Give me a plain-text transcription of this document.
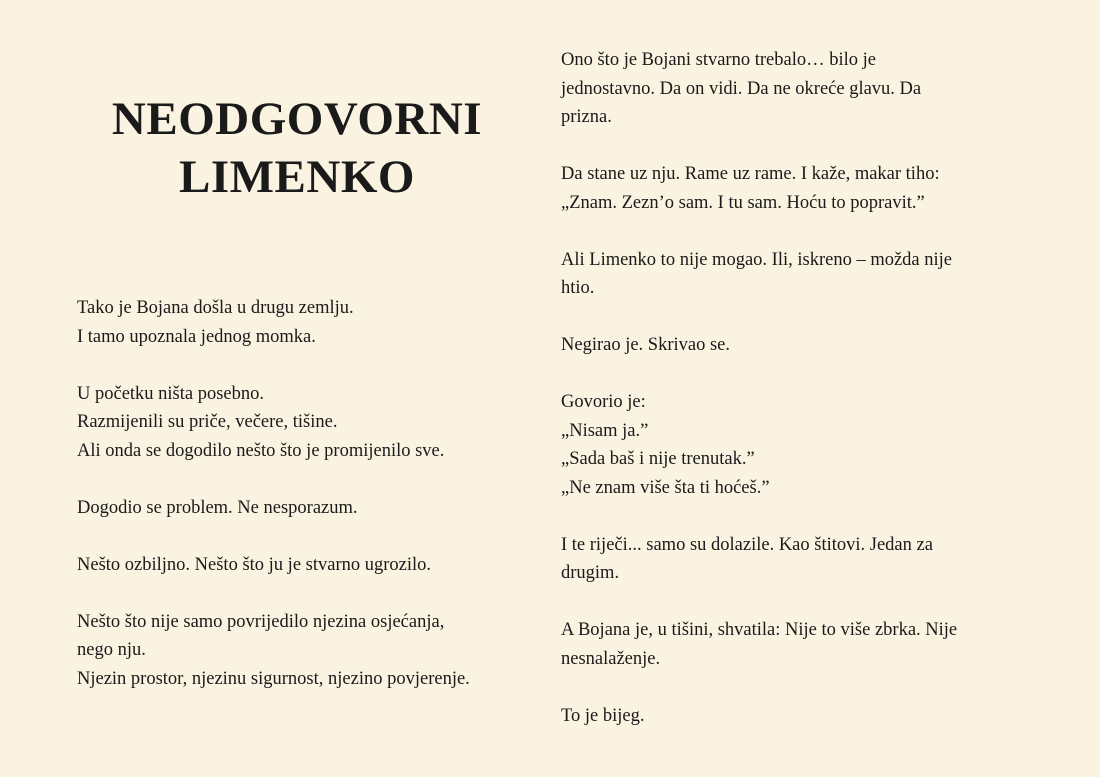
NEODGOVORNI
LIMENKO

Tako je Bojana došla u drugu zemlju.
I tamo upoznala jednog momka.

U početku ništa posebno.
Razmijenili su priče, večere, tišine.
Ali onda se dogodilo nešto što je promijenilo sve.

Dogodio se problem. Ne nesporazum.

Nešto ozbiljno. Nešto što ju je stvarno ugrozilo.

Nešto što nije samo povrijedilo njezina osjećanja,
nego nju.
Njezin prostor, njezinu sigurnost, njezino povjerenje.

Ono što je Bojani stvarno trebalo… bilo je
jednostavno. Da on vidi. Da ne okreće glavu. Da
prizna.

Da stane uz nju. Rame uz rame. I kaže, makar tiho:
„Znam. Zezn’o sam. I tu sam. Hoću to popravit.”

Ali Limenko to nije mogao. Ili, iskreno – možda nije
htio.

Negirao je. Skrivao se.

Govorio je:
„Nisam ja.”
„Sada baš i nije trenutak.”
„Ne znam više šta ti hoćeš.”

I te riječi... samo su dolazile. Kao štitovi. Jedan za
drugim.

A Bojana je, u tišini, shvatila: Nije to više zbrka. Nije
nesnalaženje.

To je bijeg.
